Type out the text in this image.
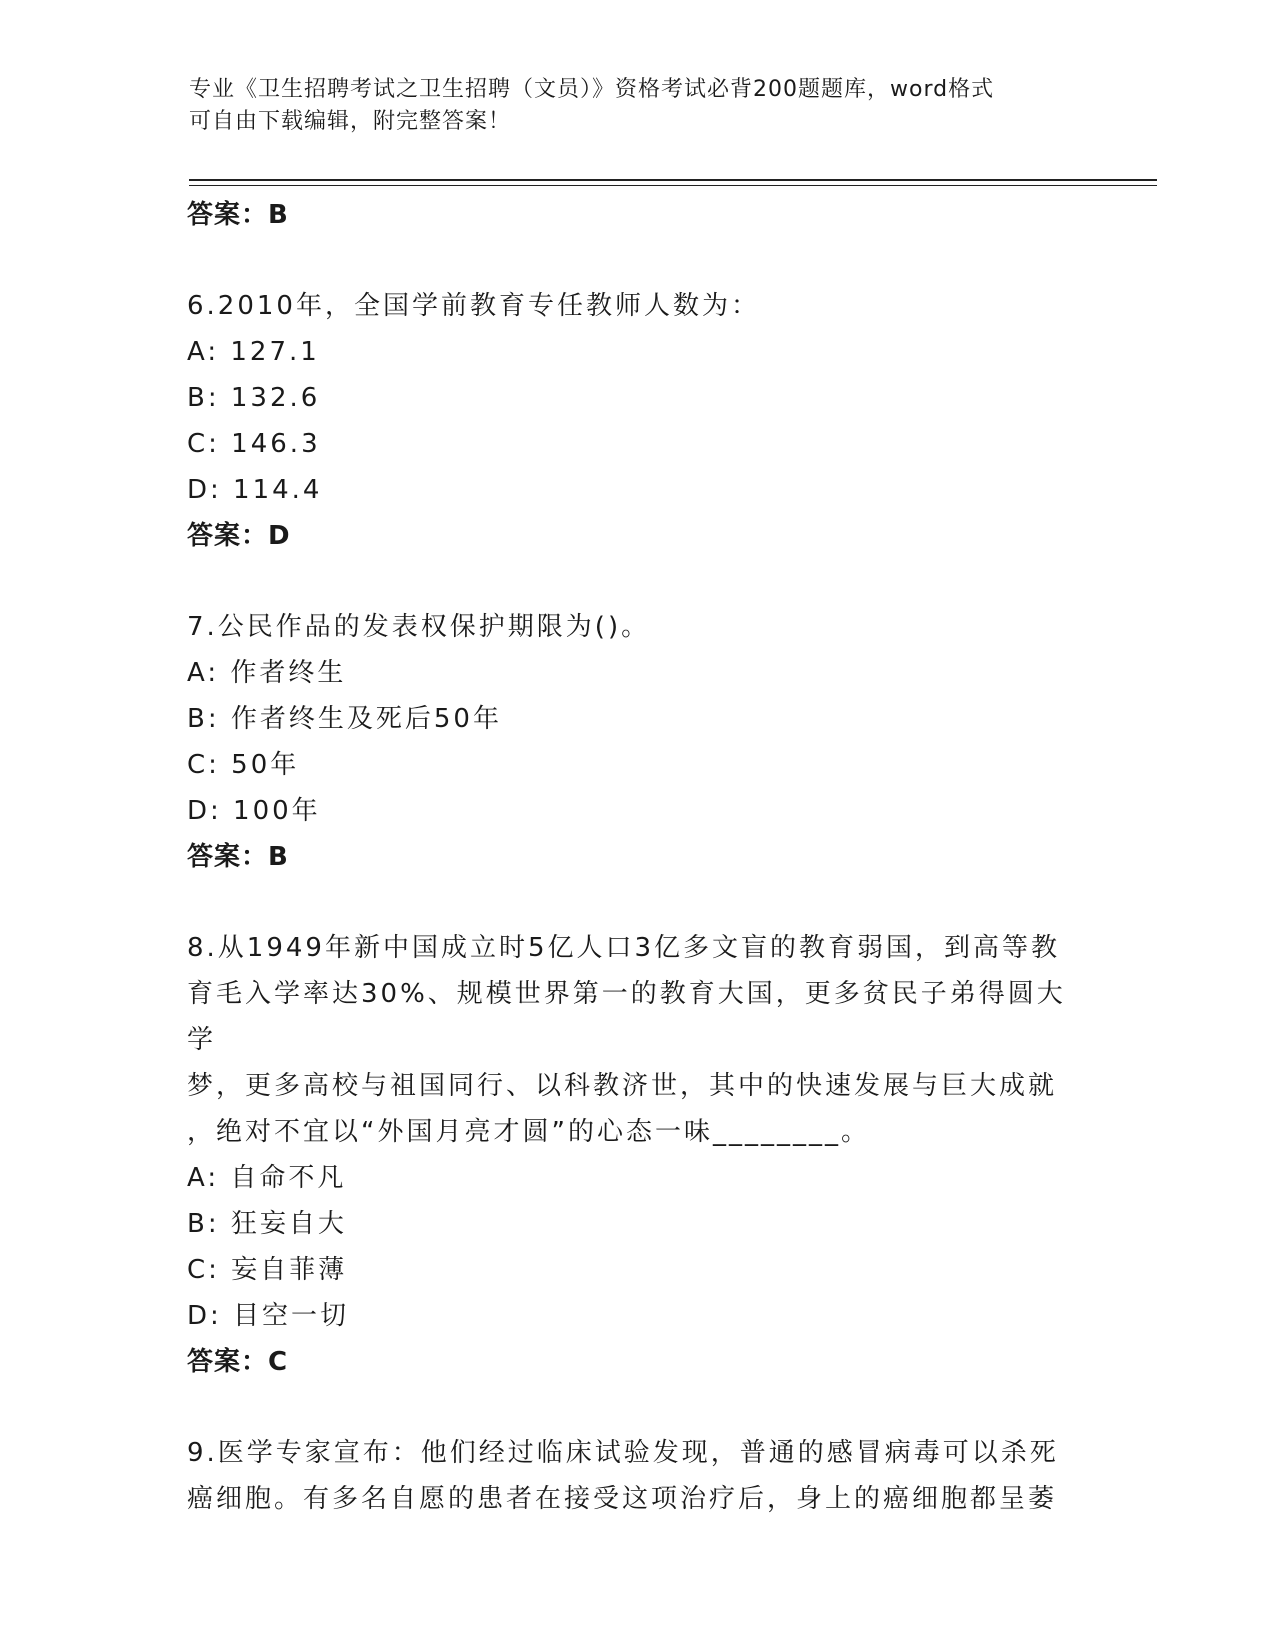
专业《卫生招聘考试之卫生招聘（文员）》资格考试必背200题题库，word格式
可自由下载编辑，附完整答案！
答案：B
6.2010年，全国学前教育专任教师人数为：
A: 127.1
B: 132.6
C: 146.3
D: 114.4
答案：D
7.公民作品的发表权保护期限为()。
A: 作者终生
B: 作者终生及死后50年
C: 50年
D: 100年
答案：B
8.从1949年新中国成立时5亿人口3亿多文盲的教育弱国，到高等教
育毛入学率达30%、规模世界第一的教育大国，更多贫民子弟得圆大学
梦，更多高校与祖国同行、以科教济世，其中的快速发展与巨大成就
，绝对不宜以“外国月亮才圆”的心态一味________。
A: 自命不凡
B: 狂妄自大
C: 妄自菲薄
D: 目空一切
答案：C
9.医学专家宣布：他们经过临床试验发现，普通的感冒病毒可以杀死
癌细胞。有多名自愿的患者在接受这项治疗后，身上的癌细胞都呈萎
